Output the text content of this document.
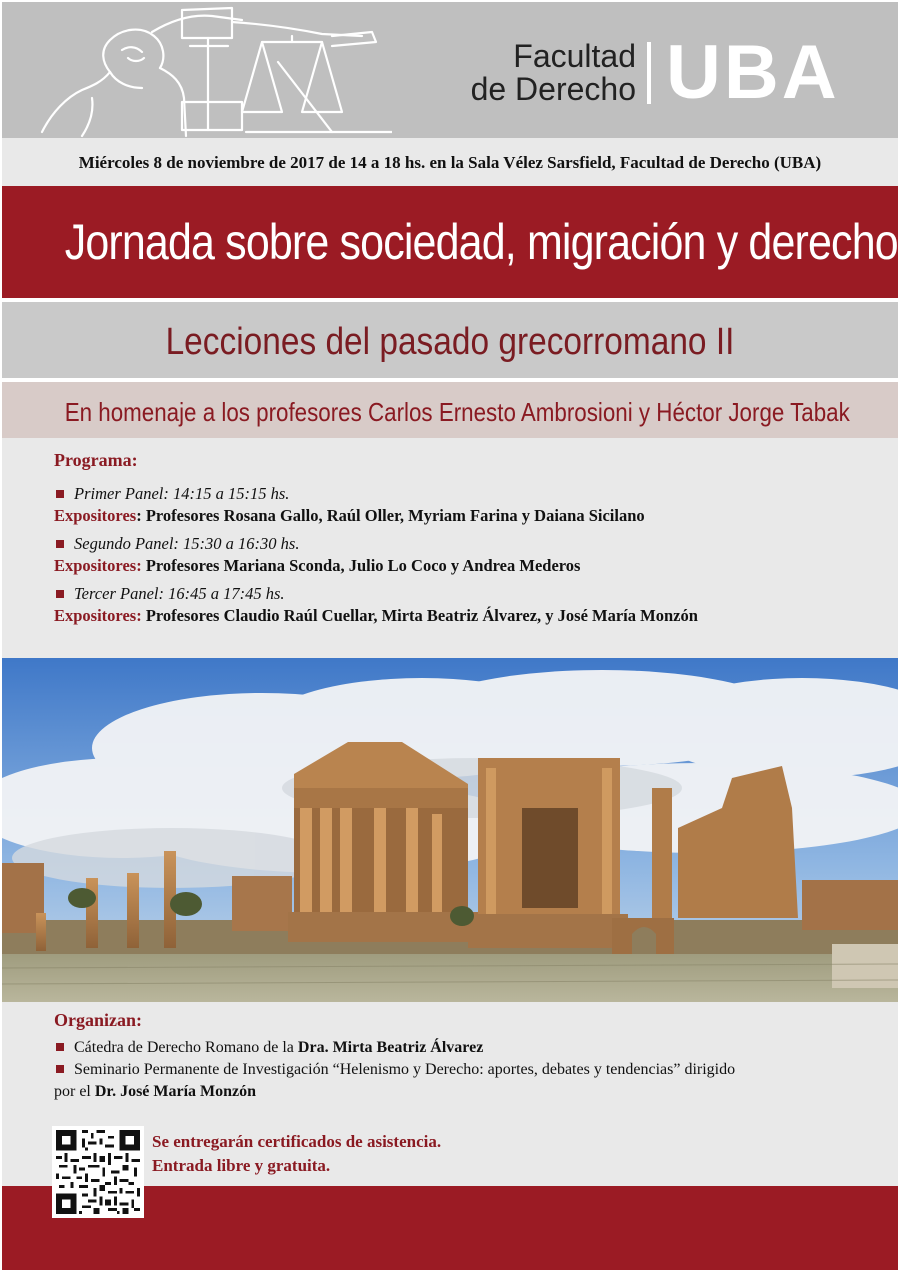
Facultad
de Derecho UBA
Miércoles 8 de noviembre de 2017 de 14 a 18 hs. en la Sala Vélez Sarsfield, Facultad de Derecho (UBA)
Jornada sobre sociedad, migración y derecho
Lecciones del pasado grecorromano II
En homenaje a los profesores Carlos Ernesto Ambrosioni y Héctor Jorge Tabak
Programa:
Primer Panel: 14:15 a 15:15 hs.
Expositores: Profesores Rosana Gallo, Raúl Oller, Myriam Farina y Daiana Sicilano
Segundo Panel: 15:30 a 16:30 hs.
Expositores: Profesores Mariana Sconda, Julio Lo Coco y Andrea Mederos
Tercer Panel: 16:45 a 17:45 hs.
Expositores: Profesores Claudio Raúl Cuellar, Mirta Beatriz Álvarez, y José María Monzón
Organizan:
Cátedra de Derecho Romano de la Dra. Mirta Beatriz Álvarez
Seminario Permanente de Investigación “Helenismo y Derecho: aportes, debates y tendencias” dirigido
por el Dr. José María Monzón
Se entregarán certificados de asistencia.
Entrada libre y gratuita.
